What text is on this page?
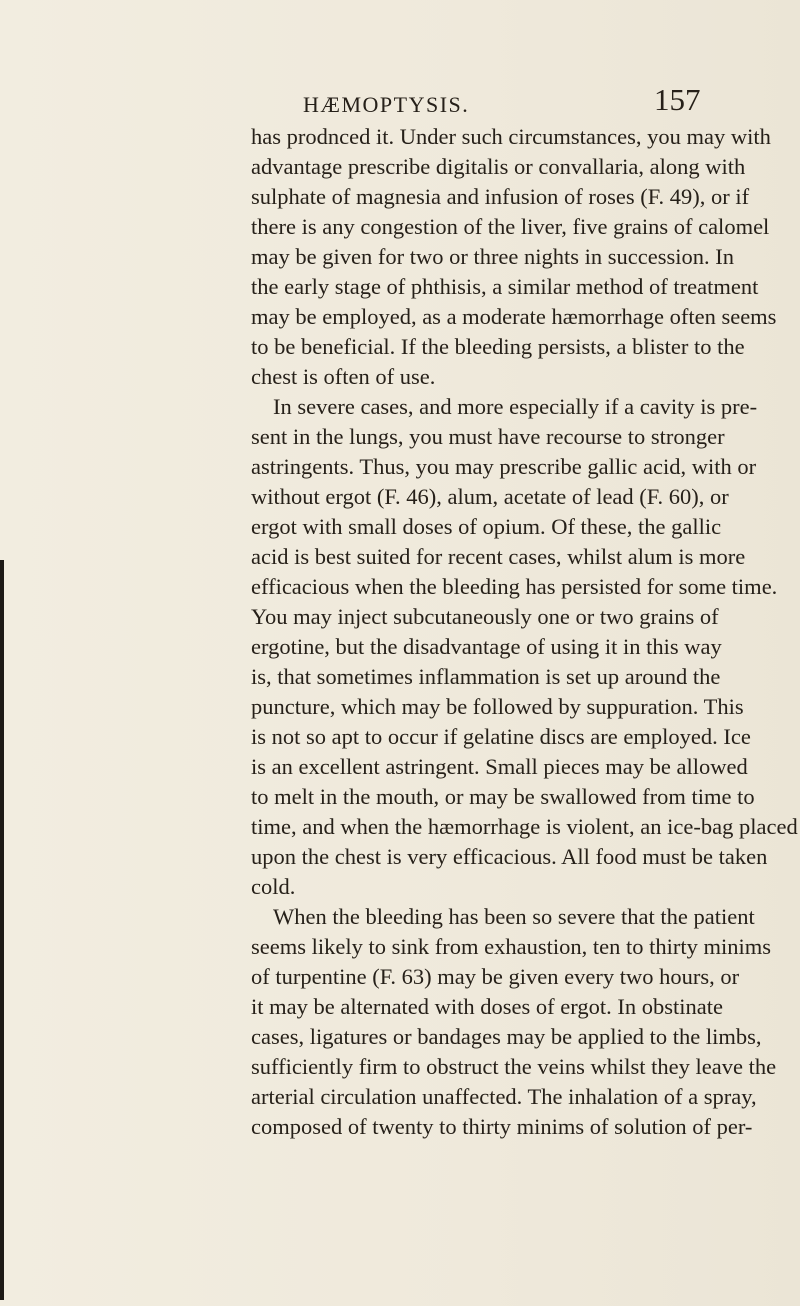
HÆMOPTYSIS.	157
has prodnced it. Under such circumstances, you may with
advantage prescribe digitalis or convallaria, along with
sulphate of magnesia and infusion of roses (F. 49), or if
there is any congestion of the liver, five grains of calomel
may be given for two or three nights in succession. In
the early stage of phthisis, a similar method of treatment
may be employed, as a moderate hæmorrhage often seems
to be beneficial. If the bleeding persists, a blister to the
chest is often of use.
In severe cases, and more especially if a cavity is pre-
sent in the lungs, you must have recourse to stronger
astringents. Thus, you may prescribe gallic acid, with or
without ergot (F. 46), alum, acetate of lead (F. 60), or
ergot with small doses of opium. Of these, the gallic
acid is best suited for recent cases, whilst alum is more
efficacious when the bleeding has persisted for some time.
You may inject subcutaneously one or two grains of
ergotine, but the disadvantage of using it in this way
is, that sometimes inflammation is set up around the
puncture, which may be followed by suppuration. This
is not so apt to occur if gelatine discs are employed. Ice
is an excellent astringent. Small pieces may be allowed
to melt in the mouth, or may be swallowed from time to
time, and when the hæmorrhage is violent, an ice-bag placed
upon the chest is very efficacious. All food must be taken
cold.
When the bleeding has been so severe that the patient
seems likely to sink from exhaustion, ten to thirty minims
of turpentine (F. 63) may be given every two hours, or
it may be alternated with doses of ergot. In obstinate
cases, ligatures or bandages may be applied to the limbs,
sufficiently firm to obstruct the veins whilst they leave the
arterial circulation unaffected. The inhalation of a spray,
composed of twenty to thirty minims of solution of per-
